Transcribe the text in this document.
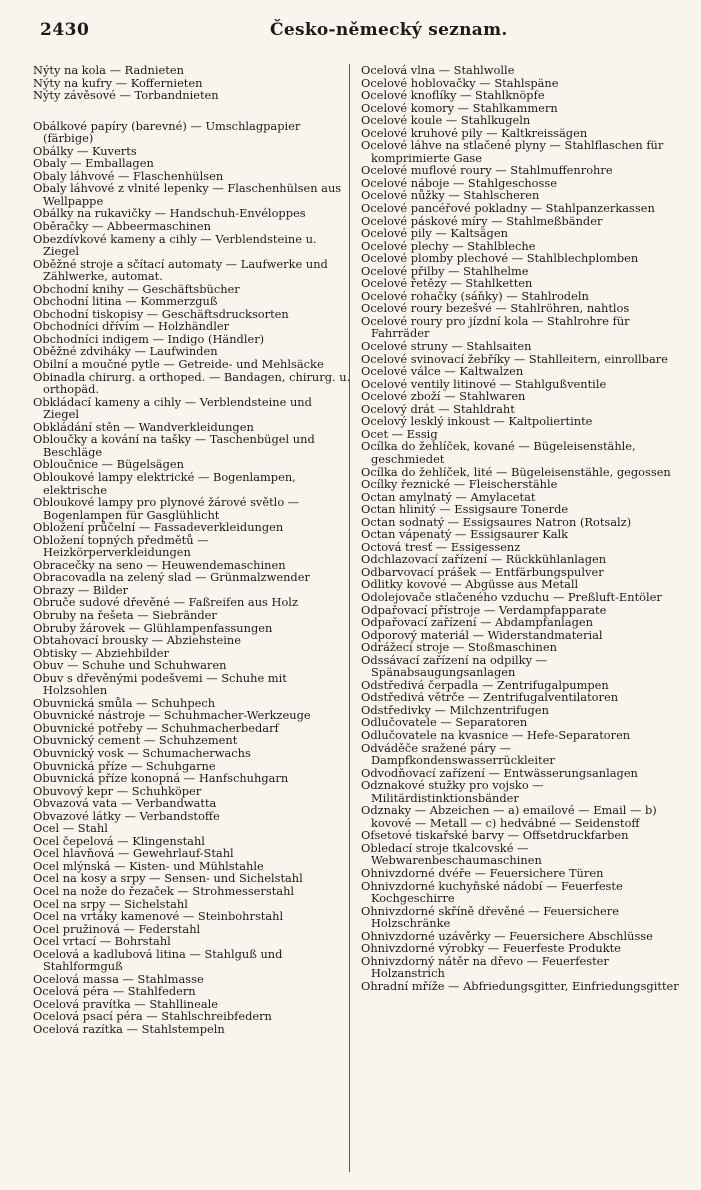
2430	Česko-německý seznam.

Nýty na kola — Radnieten

Nýty na kufry — Koffernieten

Nýty závěsové — Torbandnieten

Obálkové papíry (barevné) — Umschlagpapier (färbige)

Obálky — Kuverts

Obaly — Emballagen

Obaly láhvové — Flaschenhülsen

Obaly láhvové z vlnité lepenky — Flaschenhülsen aus Wellpappe

Obálky na rukavičky — Handschuh-Envéloppes

Oběračky — Abbeermaschinen

Obezdívkové kameny a cihly — Verblendsteine u. Ziegel

Oběžné stroje a sčítací automaty — Laufwerke und Zählwerke, automat.

Obchodní knihy — Geschäftsbücher

Obchodní litina — Kommerzguß

Obchodní tiskopisy — Geschäftsdrucksorten

Obchodníci dřívím — Holzhändler

Obchodníci indigem — Indigo (Händler)

Oběžné zdviháky — Laufwinden

Obilní a moučné pytle — Getreide- und Mehlsäcke

Obinadla chirurg. a orthoped. — Bandagen, chirurg. u. orthopäd.

Obkládací kameny a cihly — Verblendsteine und Ziegel

Obkládání stěn — Wandverkleidungen

Obloučky a kování na tašky — Taschenbügel und Beschläge

Obloučnice — Bügelsägen

Obloukové lampy elektrické — Bogenlampen, elektrische

Obloukové lampy pro plynové žárové světlo — Bogenlampen für Gasglühlicht

Obložení průčelní — Fassadeverkleidungen

Obložení topných předmětů — Heizkörperverkleidungen

Obracečky na seno — Heuwendemaschinen

Obracovadla na zelený slad — Grünmalzwender

Obrazy — Bilder

Obruče sudové dřevěné — Faßreifen aus Holz

Obruby na řešeta — Siebränder

Obruby žárovek — Glühlampenfassungen

Obtahovací brousky — Abziehsteine

Obtisky — Abziehbilder

Obuv — Schuhe und Schuhwaren

Obuv s dřevěnými podešvemi — Schuhe mit Holzsohlen

Obuvnická smůla — Schuhpech

Obuvnické nástroje — Schuhmacher-Werkzeuge

Obuvnické potřeby — Schuhmacherbedarf

Obuvnický cement — Schuhzement

Obuvnický vosk — Schumacherwachs

Obuvnická příze — Schuhgarne

Obuvnická příze konopná — Hanfschuhgarn

Obuvový kepr — Schuhköper

Obvazová vata — Verbandwatta

Obvazové látky — Verbandstoffe

Ocel — Stahl

Ocel čepelová — Klingenstahl

Ocel hlavňová — Gewehrlauf-Stahl

Ocel mlýnská — Kisten- und Mühlstahle

Ocel na kosy a srpy — Sensen- und Sichelstahl

Ocel na nože do řezaček — Strohmesserstahl

Ocel na srpy — Sichelstahl

Ocel na vrtáky kamenové — Steinbohrstahl

Ocel pružinová — Federstahl

Ocel vrtací — Bohrstahl

Ocelová a kadlubová litina — Stahlguß und Stahlformguß

Ocelová massa — Stahlmasse

Ocelová péra — Stahlfedern

Ocelová pravítka — Stahllineale

Ocelová psací péra — Stahlschreibfedern

Ocelová razítka — Stahlstempeln

Ocelová vlna — Stahlwolle

Ocelové hoblovačky — Stahlspäne

Ocelové knoflíky — Stahlknöpfe

Ocelové komory — Stahlkammern

Ocelové koule — Stahlkugeln

Ocelové kruhové pily — Kaltkreissägen

Ocelové láhve na stlačené plyny — Stahlflaschen für komprimierte Gase

Ocelové muflové roury — Stahlmuffenrohre

Ocelové náboje — Stahlgeschosse

Ocelové nůžky — Stahlscheren

Ocelové pancéřové pokladny — Stahlpanzerkassen

Ocelové páskové míry — Stahlmeßbänder

Ocelové pily — Kaltsägen

Ocelové plechy — Stahlbleche

Ocelové plomby plechové — Stahlblechplomben

Ocelové přilby — Stahlhelme

Ocelové řetězy — Stahlketten

Ocelové rohačky (sáňky) — Stahlrodeln

Ocelové roury bezešvé — Stahlröhren, nahtlos

Ocelové roury pro jízdní kola — Stahlrohre für Fahrräder

Ocelové struny — Stahlsaiten

Ocelové svinovací žebříky — Stahlleitern, einrollbare

Ocelové válce — Kaltwalzen

Ocelové ventily litinové — Stahlgußventile

Ocelové zboží — Stahlwaren

Ocelový drát — Stahldraht

Ocelový lesklý inkoust — Kaltpoliertinte

Ocet — Essig

Ocílka do žehlíček, kované — Bügeleisenstähle, geschmiedet

Ocílka do žehlíček, lité — Bügeleisenstähle, gegossen

Ocílky řeznické — Fleischerstähle

Octan amylnatý — Amylacetat

Octan hlinitý — Essigsaure Tonerde

Octan sodnatý — Essigsaures Natron (Rotsalz)

Octan vápenatý — Essigsaurer Kalk

Octová tresť — Essigessenz

Odchlazovací zařízení — Rückkühlanlagen

Odbarvovací prášek — Entfärbungspulver

Odlitky kovové — Abgüsse aus Metall

Odolejovače stlačeného vzduchu — Preßluft-Entöler

Odpařovací přístroje — Verdampfapparate

Odpařovací zařízení — Abdampfanlagen

Odporový materiál — Widerstandmaterial

Odrážecí stroje — Stoßmaschinen

Odssávací zařízení na odpilky — Spänabsaugungsanlagen

Odstředivá čerpadla — Zentrifugalpumpen

Odstředivá větrče — Zentrifugalventilatoren

Odstředivky — Milchzentrifugen

Odlučovatele — Separatoren

Odlučovatele na kvasnice — Hefe-Separatoren

Odváděče sražené páry — Dampfkondenswasserrückleiter

Odvodňovací zařízení — Entwässerungsanlagen

Odznakové stužky pro vojsko — Militärdistinktionsbänder

Odznaky — Abzeichen — a) emailové — Email — b) kovové — Metall — c) hedvábné — Seidenstoff

Ofsetové tiskařské barvy — Offsetdruckfarben

Obledací stroje tkalcovské — Webwarenbeschaumaschinen

Ohnivzdorné dvéře — Feuersichere Türen

Ohnivzdorné kuchyňské nádobí — Feuerfeste Kochgeschirre

Ohnivzdorné skříně dřevěné — Feuersichere Holzschränke

Ohnivzdorné uzávěrky — Feuersichere Abschlüsse

Ohnivzdorné výrobky — Feuerfeste Produkte

Ohnivzdorný nátěr na dřevo — Feuerfester Holzanstrich

Ohradní mříže — Abfriedungsgitter, Einfriedungsgitter
